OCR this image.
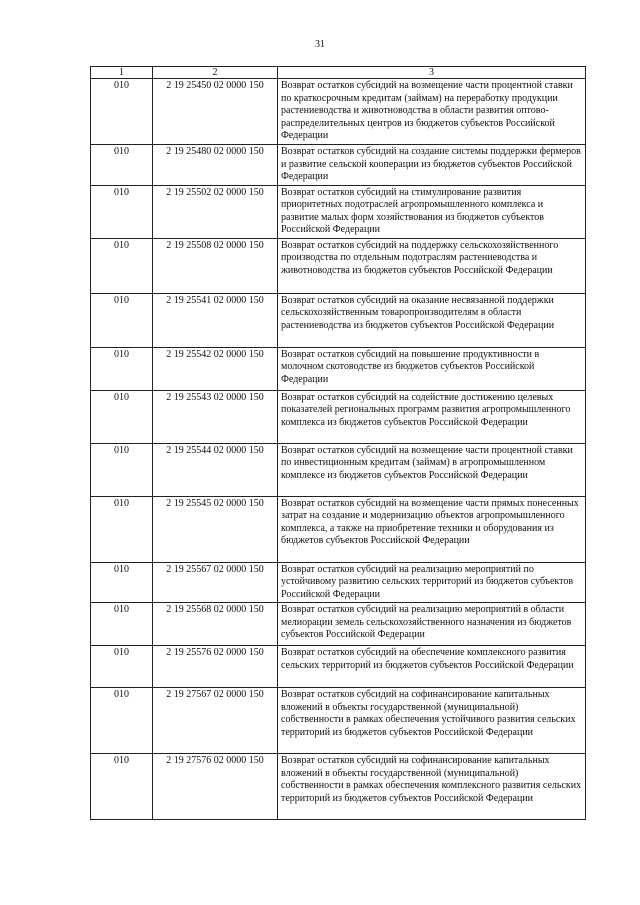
31
1	2	3
010	2 19 25450 02 0000 150	Возврат остатков субсидий на возмещение части процентной ставки по краткосрочным кредитам (займам) на переработку продукции растениеводства и животноводства в области развития оптово-распределительных центров из бюджетов субъектов Российской Федерации
010	2 19 25480 02 0000 150	Возврат остатков субсидий на создание системы поддержки фермеров и развитие сельской кооперации из бюджетов субъектов Российской Федерации
010	2 19 25502 02 0000 150	Возврат остатков субсидий на стимулирование развития приоритетных подотраслей агропромышленного комплекса и развитие малых форм хозяйствования из бюджетов субъектов Российской Федерации
010	2 19 25508 02 0000 150	Возврат остатков субсидий на поддержку сельскохозяйственного производства по отдельным подотраслям растениеводства и животноводства из бюджетов субъектов Российской Федерации
010	2 19 25541 02 0000 150	Возврат остатков субсидий на оказание несвязанной поддержки сельскохозяйственным товаропроизводителям в области растениеводства из бюджетов субъектов Российской Федерации
010	2 19 25542 02 0000 150	Возврат остатков субсидий на повышение продуктивности в молочном скотоводстве из бюджетов субъектов Российской Федерации
010	2 19 25543 02 0000 150	Возврат остатков субсидий на содействие достижению целевых показателей региональных программ развития агропромышленного комплекса из бюджетов субъектов Российской Федерации
010	2 19 25544 02 0000 150	Возврат остатков субсидий на возмещение части процентной ставки по инвестиционным кредитам (займам) в агропромышленном комплексе из бюджетов субъектов Российской Федерации
010	2 19 25545 02 0000 150	Возврат остатков субсидий на возмещение части прямых понесенных затрат на создание и модернизацию объектов агропромышленного комплекса, а также на приобретение техники и оборудования из бюджетов субъектов Российской Федерации
010	2 19 25567 02 0000 150	Возврат остатков субсидий на реализацию мероприятий по устойчивому развитию сельских территорий из бюджетов субъектов Российской Федерации
010	2 19 25568 02 0000 150	Возврат остатков субсидий на реализацию мероприятий в области мелиорации земель сельскохозяйственного назначения из бюджетов субъектов Российской Федерации
010	2 19 25576 02 0000 150	Возврат остатков субсидий на обеспечение комплексного развития сельских территорий из бюджетов субъектов Российской Федерации
010	2 19 27567 02 0000 150	Возврат остатков субсидий на софинансирование капитальных вложений в объекты государственной (муниципальной) собственности в рамках обеспечения устойчивого развития сельских территорий из бюджетов субъектов Российской Федерации
010	2 19 27576 02 0000 150	Возврат остатков субсидий на софинансирование капитальных вложений в объекты государственной (муниципальной) собственности в рамках обеспечения комплексного развития сельских территорий из бюджетов субъектов Российской Федерации
